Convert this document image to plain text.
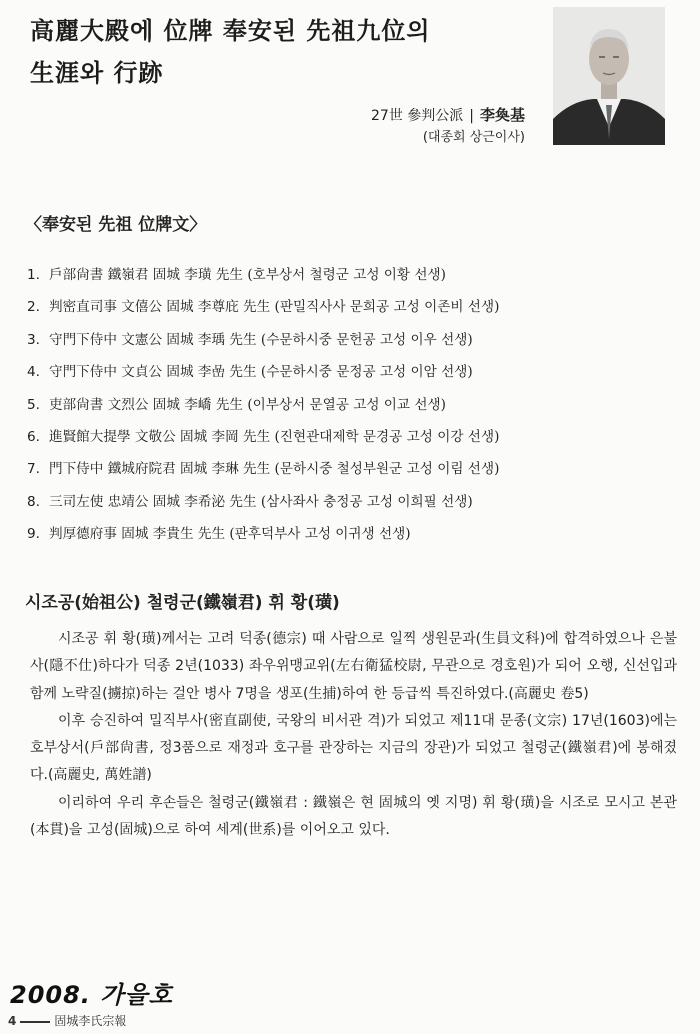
高麗大殿에 位牌 奉安된 先祖九位의
生涯와 行跡
27世 參判公派 | 李奐基
(대종회 상근이사)
〈奉安된 先祖 位牌文〉
1. 戶部尙書 鐵嶺君 固城 李璜 先生 (호부상서 철령군 고성 이황 선생)
2. 判密直司事 文僖公 固城 李尊庇 先生 (판밀직사사 문희공 고성 이존비 선생)
3. 守門下侍中 文憲公 固城 李瑀 先生 (수문하시중 문헌공 고성 이우 선생)
4. 守門下侍中 文貞公 固城 李嵒 先生 (수문하시중 문정공 고성 이암 선생)
5. 吏部尙書 文烈公 固城 李嶠 先生 (이부상서 문열공 고성 이교 선생)
6. 進賢館大提學 文敬公 固城 李岡 先生 (진현관대제학 문경공 고성 이강 선생)
7. 門下侍中 鐵城府院君 固城 李琳 先生 (문하시중 철성부원군 고성 이림 선생)
8. 三司左使 忠靖公 固城 李希泌 先生 (삼사좌사 충정공 고성 이희필 선생)
9. 判厚德府事 固城 李貴生 先生 (판후덕부사 고성 이귀생 선생)
시조공(始祖公) 철령군(鐵嶺君) 휘 황(璜)

시조공 휘 황(璜)께서는 고려 덕종(德宗) 때 사람으로 일찍 생원문과(生員文科)에 합격하였으나 은불사(隱不仕)하다가 덕종 2년(1033) 좌우위맹교위(左右衛猛校尉, 무관으로 경호원)가 되어 오행, 신선입과 함께 노략질(擄掠)하는 걸안 병사 7명을 생포(生捕)하여 한 등급씩 특진하였다.(高麗史 卷5)

이후 승진하여 밀직부사(密直副使, 국왕의 비서관 격)가 되었고 제11대 문종(文宗) 17년(1603)에는 호부상서(戶部尙書, 정3품으로 재정과 호구를 관장하는 지금의 장관)가 되었고 철령군(鐵嶺君)에 봉해졌다.(高麗史, 萬姓譜)

이리하여 우리 후손들은 철령군(鐵嶺君 : 鐵嶺은 현 固城의 옛 지명) 휘 황(璜)을 시조로 모시고 본관(本貫)을 고성(固城)으로 하여 세계(世系)를 이어오고 있다.

2008. 가을호
4	固城李氏宗報
